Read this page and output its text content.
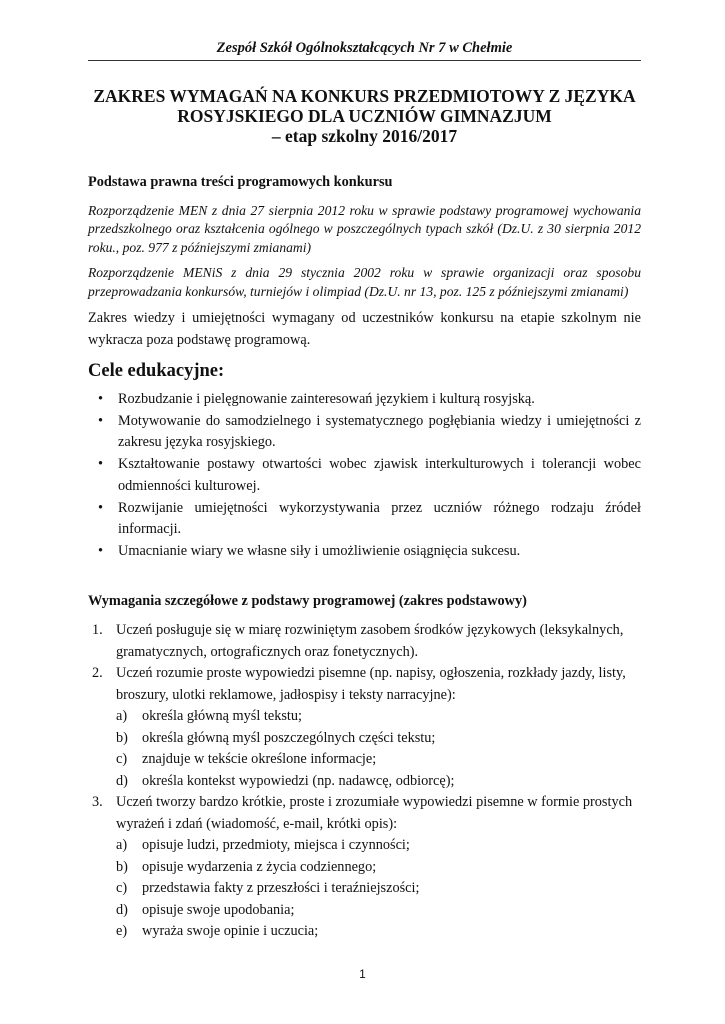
Zespół Szkół Ogólnokształcących Nr 7 w Chełmie
ZAKRES WYMAGAŃ NA KONKURS PRZEDMIOTOWY Z JĘZYKA
ROSYJSKIEGO DLA UCZNIÓW GIMNAZJUM
– etap szkolny 2016/2017

Podstawa prawna treści programowych konkursu

Rozporządzenie MEN z dnia 27 sierpnia 2012 roku w sprawie podstawy programowej wychowania przedszkolnego oraz kształcenia ogólnego w poszczególnych typach szkół (Dz.U. z 30 sierpnia 2012 roku., poz. 977 z późniejszymi zmianami)

Rozporządzenie MENiS z dnia 29 stycznia 2002 roku w sprawie organizacji oraz sposobu przeprowadzania konkursów, turniejów i olimpiad (Dz.U. nr 13, poz. 125 z późniejszymi zmianami)

Zakres wiedzy i umiejętności wymagany od uczestników konkursu na etapie szkolnym nie wykracza poza podstawę programową.

Cele edukacyjne:

• Rozbudzanie i pielęgnowanie zainteresowań językiem i kulturą rosyjską.
• Motywowanie do samodzielnego i systematycznego pogłębiania wiedzy i umiejętności z zakresu języka rosyjskiego.
• Kształtowanie postawy otwartości wobec zjawisk interkulturowych i tolerancji wobec odmienności kulturowej.
• Rozwijanie umiejętności wykorzystywania przez uczniów różnego rodzaju źródeł informacji.
• Umacnianie wiary we własne siły i umożliwienie osiągnięcia sukcesu.

Wymagania szczegółowe z podstawy programowej (zakres podstawowy)

1. Uczeń posługuje się w miarę rozwiniętym zasobem środków językowych (leksykalnych, gramatycznych, ortograficznych oraz fonetycznych).
2. Uczeń rozumie proste wypowiedzi pisemne (np. napisy, ogłoszenia, rozkłady jazdy, listy, broszury, ulotki reklamowe, jadłospisy i teksty narracyjne):
a) określa główną myśl tekstu;
b) określa główną myśl poszczególnych części tekstu;
c) znajduje w tekście określone informacje;
d) określa kontekst wypowiedzi (np. nadawcę, odbiorcę);
3. Uczeń tworzy bardzo krótkie, proste i zrozumiałe wypowiedzi pisemne w formie prostych wyrażeń i zdań (wiadomość, e-mail, krótki opis):
a) opisuje ludzi, przedmioty, miejsca i czynności;
b) opisuje wydarzenia z życia codziennego;
c) przedstawia fakty z przeszłości i teraźniejszości;
d) opisuje swoje upodobania;
e) wyraża swoje opinie i uczucia;
1
